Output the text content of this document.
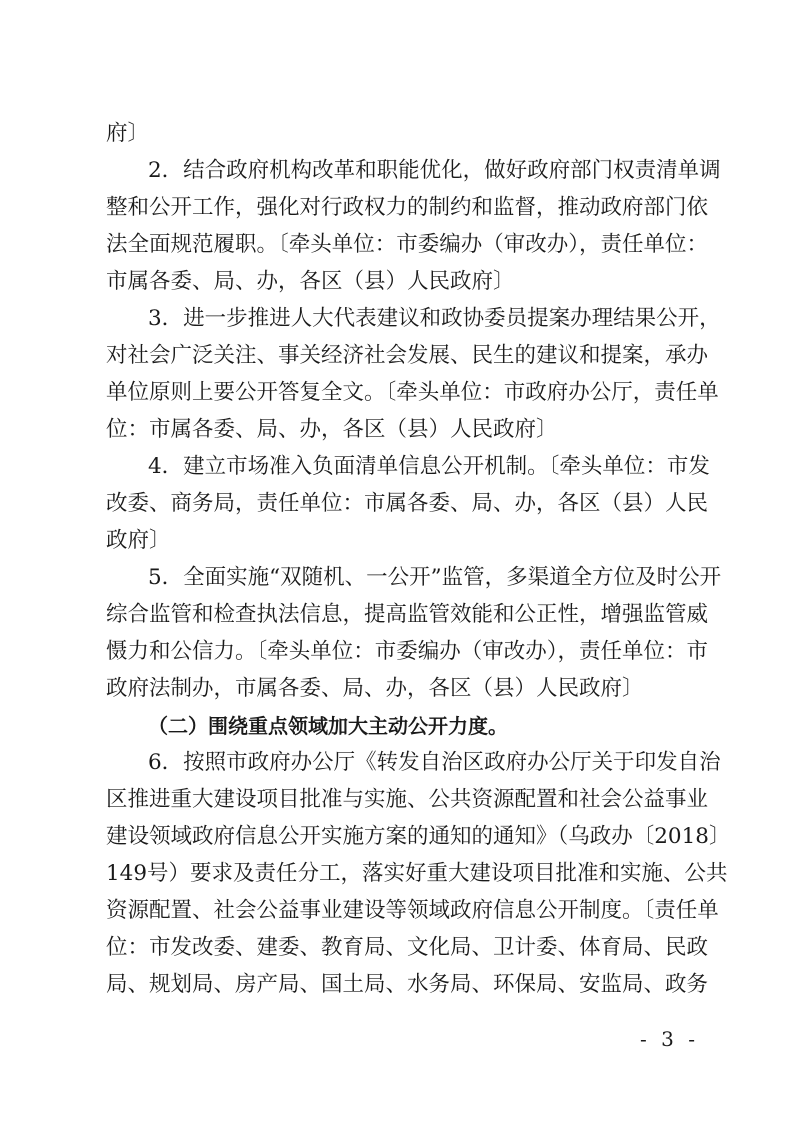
府〕
2．结合政府机构改革和职能优化，做好政府部门权责清单调
整和公开工作，强化对行政权力的制约和监督，推动政府部门依
法全面规范履职。〔牵头单位：市委编办（审改办），责任单位：
市属各委、局、办，各区（县）人民政府〕
3．进一步推进人大代表建议和政协委员提案办理结果公开，
对社会广泛关注、事关经济社会发展、民生的建议和提案，承办
单位原则上要公开答复全文。〔牵头单位：市政府办公厅，责任单
位：市属各委、局、办，各区（县）人民政府〕
4．建立市场准入负面清单信息公开机制。〔牵头单位：市发
改委、商务局，责任单位：市属各委、局、办，各区（县）人民
政府〕
5．全面实施“双随机、一公开”监管，多渠道全方位及时公开
综合监管和检查执法信息，提高监管效能和公正性，增强监管威
慑力和公信力。〔牵头单位：市委编办（审改办），责任单位：市
政府法制办，市属各委、局、办，各区（县）人民政府〕
（二）围绕重点领域加大主动公开力度。
6．按照市政府办公厅《转发自治区政府办公厅关于印发自治
区推进重大建设项目批准与实施、公共资源配置和社会公益事业
建设领域政府信息公开实施方案的通知的通知》（乌政办〔2018〕
149号）要求及责任分工，落实好重大建设项目批准和实施、公共
资源配置、社会公益事业建设等领域政府信息公开制度。〔责任单
位：市发改委、建委、教育局、文化局、卫计委、体育局、民政
局、规划局、房产局、国土局、水务局、环保局、安监局、政务
- 3 -
